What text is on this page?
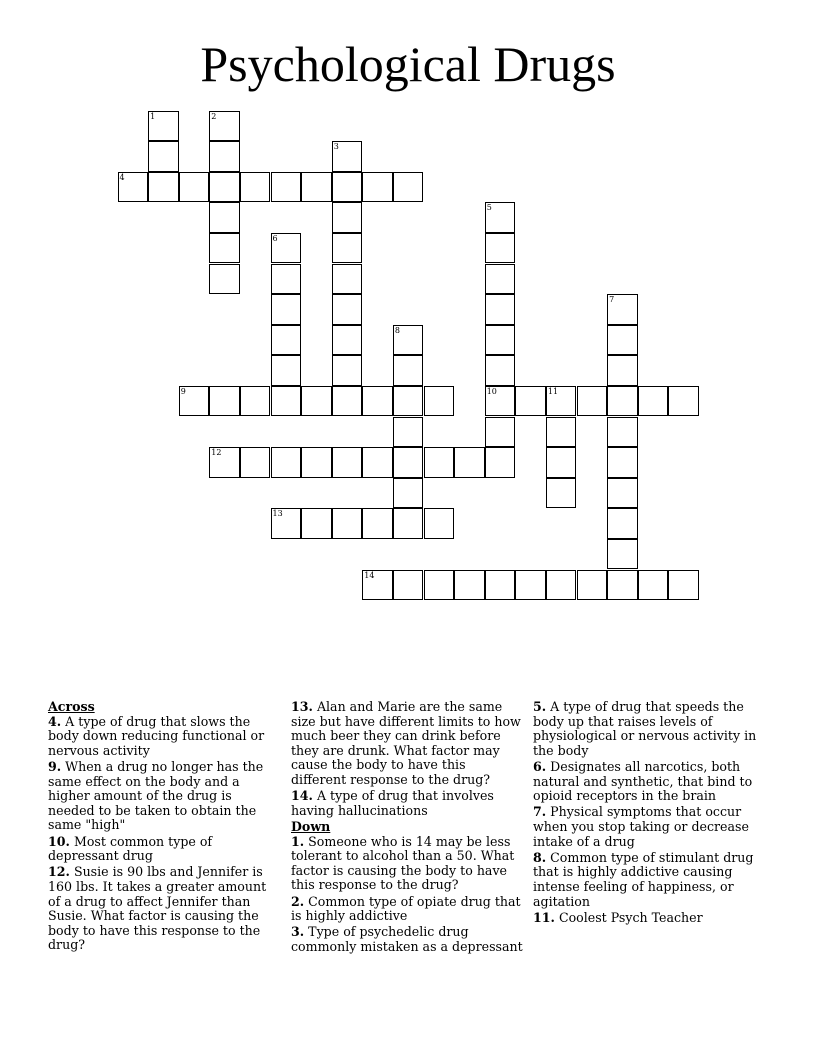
Psychological Drugs
4
9	10	11
12
13
14
1	2
3
5
6
7
8

Across

4. A type of drug that slows the body down reducing functional or nervous activity

9. When a drug no longer has the same effect on the body and a higher amount of the drug is needed to be taken to obtain the same "high"

10. Most common type of depressant drug

12. Susie is 90 lbs and Jennifer is 160 lbs. It takes a greater amount of a drug to affect Jennifer than Susie. What factor is causing the body to have this response to the drug?

13. Alan and Marie are the same size but have different limits to how much beer they can drink before they are drunk. What factor may cause the body to have this different response to the drug?

14. A type of drug that involves having hallucinations

Down

1. Someone who is 14 may be less tolerant to alcohol than a 50. What factor is causing the body to have this response to the drug?

2. Common type of opiate drug that is highly addictive

3. Type of psychedelic drug commonly mistaken as a depressant

5. A type of drug that speeds the body up that raises levels of physiological or nervous activity in the body

6. Designates all narcotics, both natural and synthetic, that bind to opioid receptors in the brain

7. Physical symptoms that occur when you stop taking or decrease intake of a drug

8. Common type of stimulant drug that is highly addictive causing intense feeling of happiness, or agitation

11. Coolest Psych Teacher
